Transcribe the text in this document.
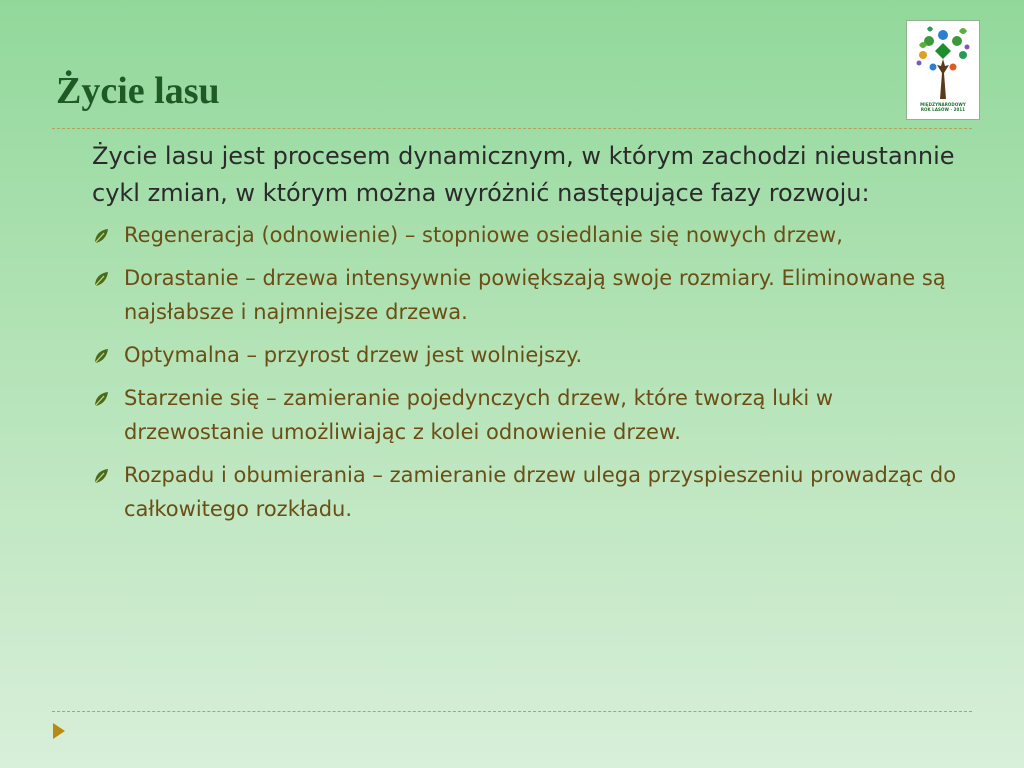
Życie lasu	MIĘDZYNARODOWY
ROK LASÓW · 2011

Życie lasu jest procesem dynamicznym, w którym zachodzi nieustannie cykl zmian, w którym można wyróżnić następujące fazy rozwoju:

Regeneracja (odnowienie) – stopniowe osiedlanie się nowych drzew,
Dorastanie – drzewa intensywnie powiększają swoje rozmiary. Eliminowane są najsłabsze i najmniejsze drzewa.
Optymalna – przyrost drzew jest wolniejszy.
Starzenie się – zamieranie pojedynczych drzew, które tworzą luki w drzewostanie umożliwiając z kolei odnowienie drzew.
Rozpadu i obumierania – zamieranie drzew ulega przyspieszeniu prowadząc do całkowitego rozkładu.
